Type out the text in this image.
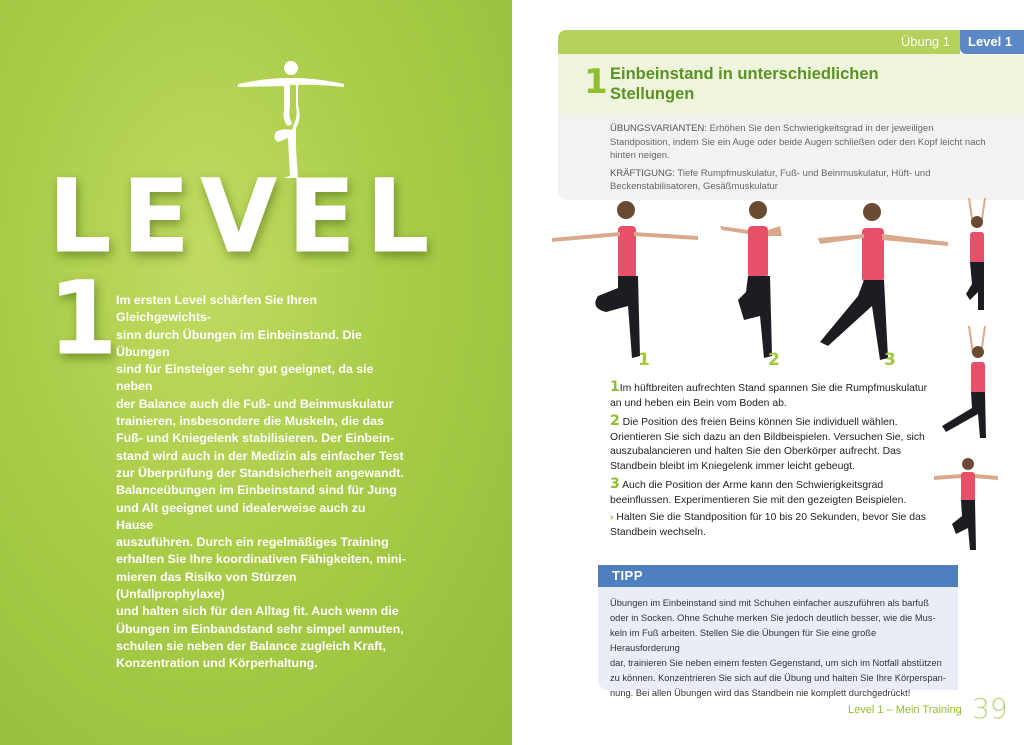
LEVEL 1
Im ersten Level schärfen Sie Ihren Gleichgewichts-
sinn durch Übungen im Einbeinstand. Die Übungen
sind für Einsteiger sehr gut geeignet, da sie neben
der Balance auch die Fuß- und Beinmuskulatur
trainieren, insbesondere die Muskeln, die das
Fuß- und Kniegelenk stabilisieren. Der Einbein-
stand wird auch in der Medizin als einfacher Test
zur Überprüfung der Standsicherheit angewandt.
Balanceübungen im Einbeinstand sind für Jung
und Alt geeignet und idealerweise auch zu Hause
auszuführen. Durch ein regelmäßiges Training
erhalten Sie Ihre koordinativen Fähigkeiten, mini-
mieren das Risiko von Stürzen (Unfallprophylaxe)
und halten sich für den Alltag fit. Auch wenn die
Übungen im Einbandstand sehr simpel anmuten,
schulen sie neben der Balance zugleich Kraft,
Konzentration und Körperhaltung.
Übung 1	Level 1
1 Einbeinstand in unterschiedlichen
Stellungen

ÜBUNGSVARIANTEN: Erhöhen Sie den Schwierigkeitsgrad in der jeweiligen Standposition, indem Sie ein Auge oder beide Augen schließen oder den Kopf leicht nach hinten neigen.

KRÄFTIGUNG: Tiefe Rumpfmuskulatur, Fuß- und Beinmuskulatur, Hüft- und Beckenstabilisatoren, Gesäßmuskulatur

1	2	3

1Im hüftbreiten aufrechten Stand spannen Sie die Rumpfmuskulatur an und heben ein Bein vom Boden ab.

2 Die Position des freien Beins können Sie individuell wählen. Orientieren Sie sich dazu an den Bildbeispielen. Versuchen Sie, sich auszubalancieren und halten Sie den Oberkörper aufrecht. Das Standbein bleibt im Kniegelenk immer leicht gebeugt.

3 Auch die Position der Arme kann den Schwierigkeitsgrad beeinflussen. Experimentieren Sie mit den gezeigten Beispielen.

› Halten Sie die Standposition für 10 bis 20 Sekunden, bevor Sie das Standbein wechseln.

TIPP
Übungen im Einbeinstand sind mit Schuhen einfacher auszuführen als barfuß
oder in Socken. Ohne Schuhe merken Sie jedoch deutlich besser, wie die Mus-
keln im Fuß arbeiten. Stellen Sie die Übungen für Sie eine große Herausforderung
dar, trainieren Sie neben einem festen Gegenstand, um sich im Notfall abstützen
zu können. Konzentrieren Sie sich auf die Übung und halten Sie Ihre Körperspan-
nung. Bei allen Übungen wird das Standbein nie komplett durchgedrückt!
Level 1 – Mein Training 39
